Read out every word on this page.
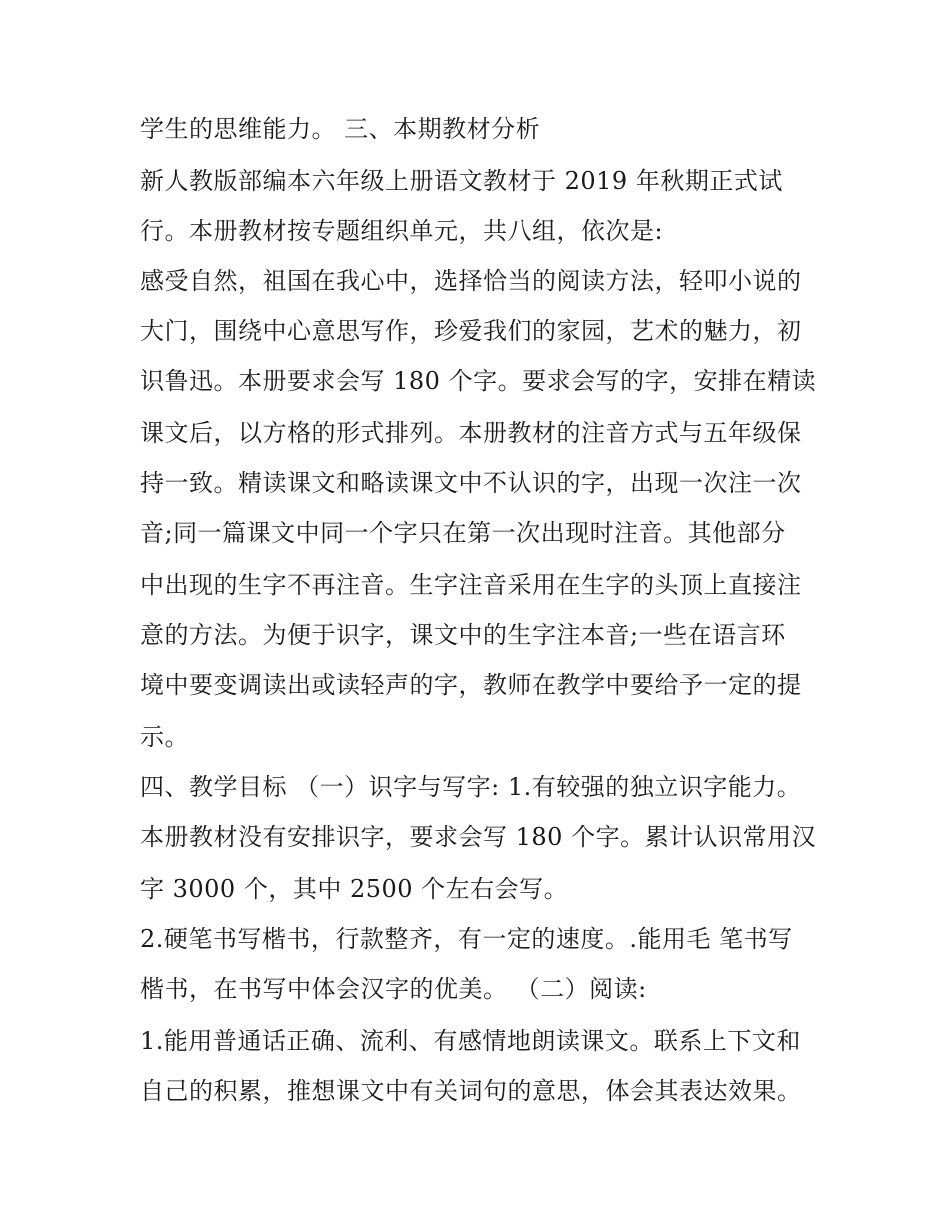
学生的思维能力。 三、本期教材分析
新人教版部编本六年级上册语文教材于 2019 年秋期正式试
行。本册教材按专题组织单元，共八组，依次是:
感受自然，祖国在我心中，选择恰当的阅读方法，轻叩小说的
大门，围绕中心意思写作，珍爱我们的家园，艺术的魅力，初
识鲁迅。本册要求会写 180 个字。要求会写的字，安排在精读
课文后，以方格的形式排列。本册教材的注音方式与五年级保
持一致。精读课文和略读课文中不认识的字，出现一次注一次
音;同一篇课文中同一个字只在第一次出现时注音。其他部分
中出现的生字不再注音。生字注音采用在生字的头顶上直接注
意的方法。为便于识字，课文中的生字注本音;一些在语言环
境中要变调读出或读轻声的字，教师在教学中要给予一定的提
示。
四、教学目标 （一）识字与写字: 1.有较强的独立识字能力。
本册教材没有安排识字，要求会写 180 个字。累计认识常用汉
字 3000 个，其中 2500 个左右会写。
2.硬笔书写楷书，行款整齐，有一定的速度。.能用毛 笔书写
楷书，在书写中体会汉字的优美。 （二）阅读:
1.能用普通话正确、流利、有感情地朗读课文。联系上下文和
自己的积累，推想课文中有关词句的意思，体会其表达效果。
